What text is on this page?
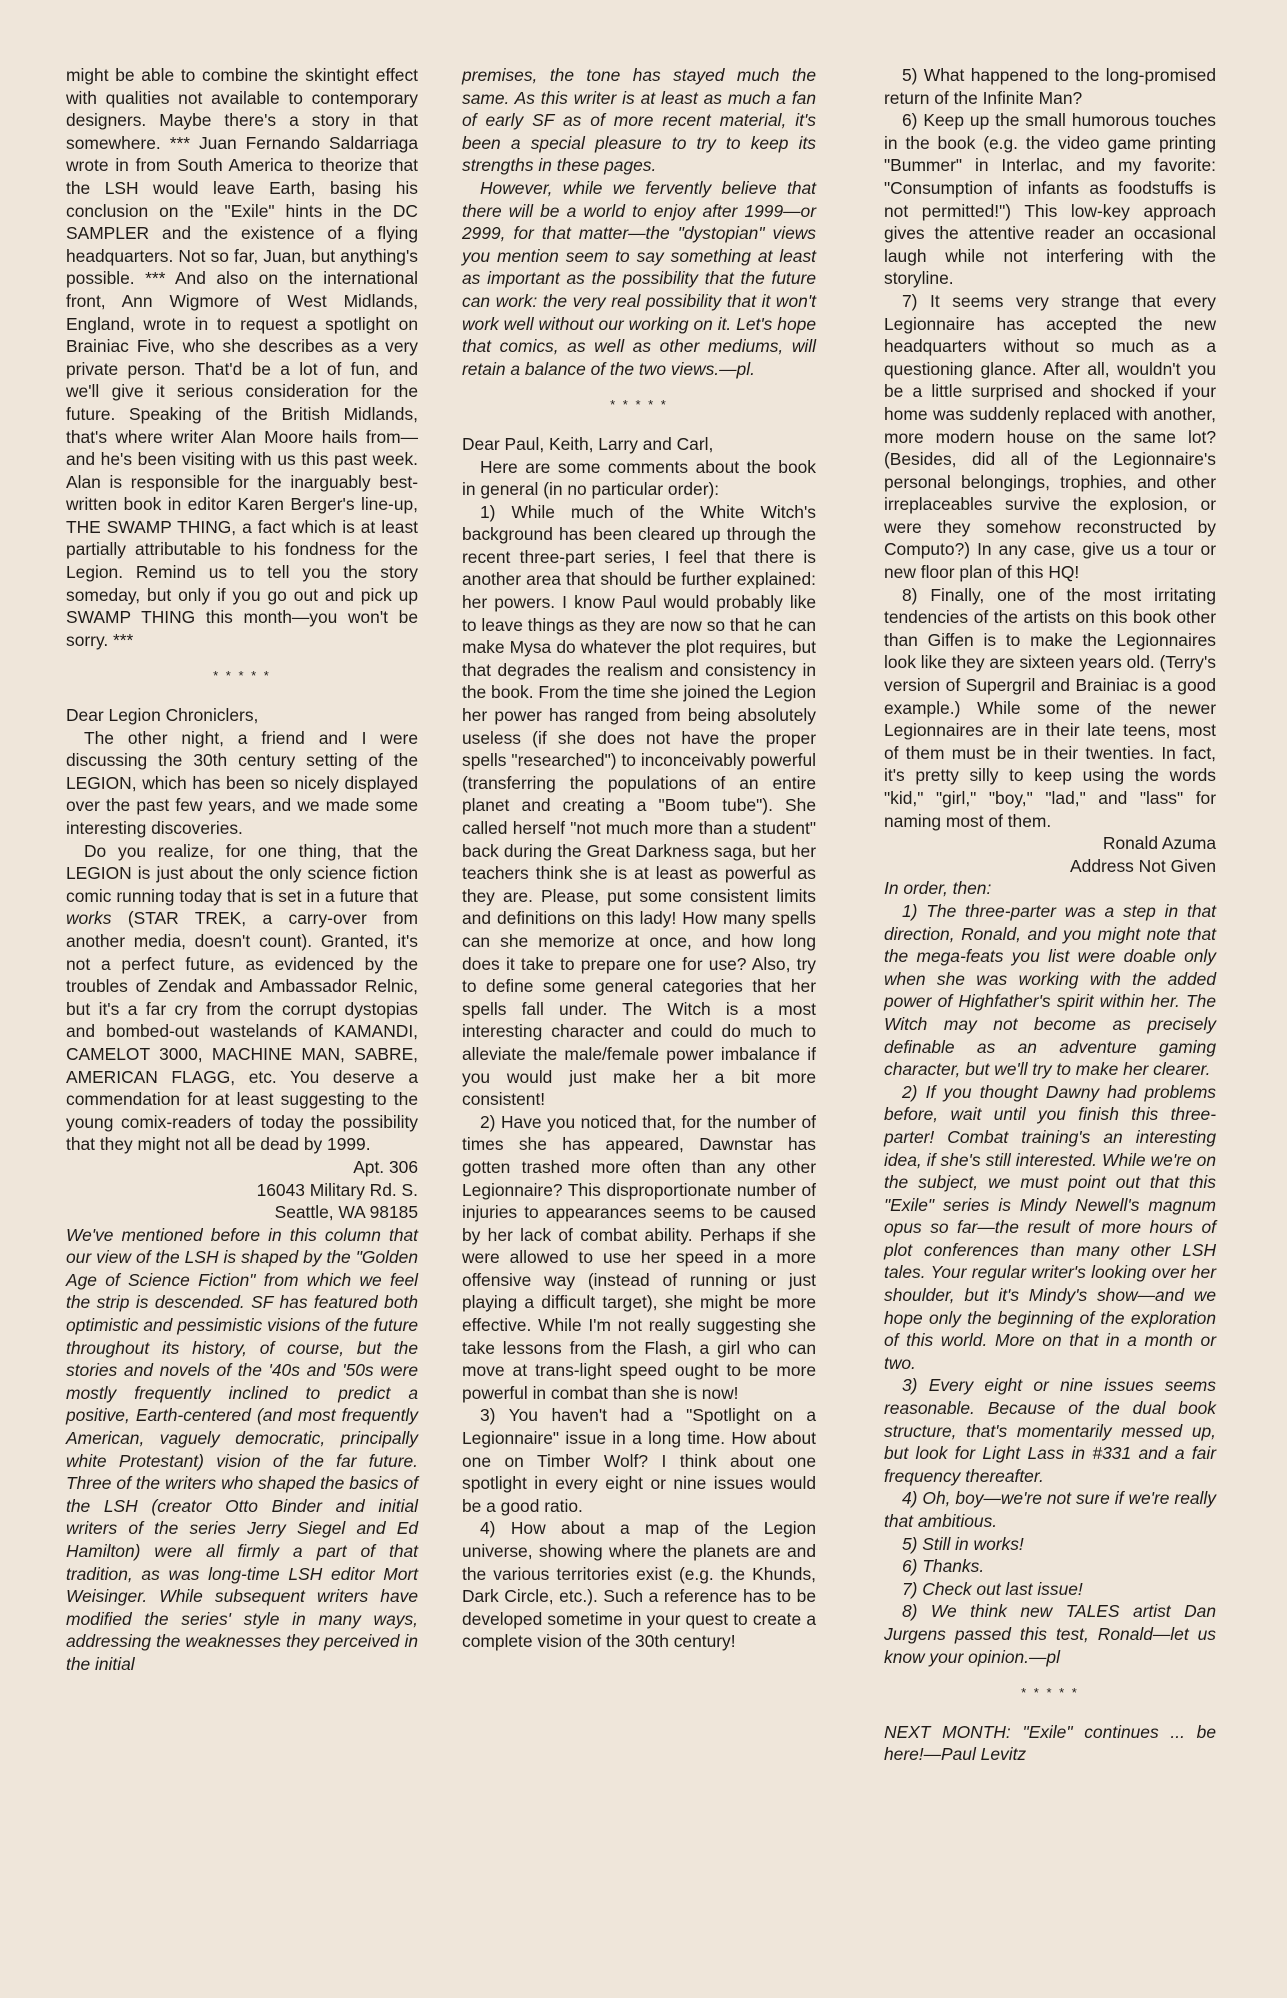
might be able to combine the skintight effect with qualities not available to contemporary designers. Maybe there's a story in that somewhere. *** Juan Fernando Saldarriaga wrote in from South America to theorize that the LSH would leave Earth, basing his conclusion on the "Exile" hints in the DC SAMPLER and the existence of a flying headquarters. Not so far, Juan, but anything's possible. *** And also on the international front, Ann Wigmore of West Midlands, England, wrote in to request a spotlight on Brainiac Five, who she describes as a very private person. That'd be a lot of fun, and we'll give it serious consideration for the future. Speaking of the British Midlands, that's where writer Alan Moore hails from—and he's been visiting with us this past week. Alan is responsible for the inarguably best-written book in editor Karen Berger's line-up, THE SWAMP THING, a fact which is at least partially attributable to his fondness for the Legion. Remind us to tell you the story someday, but only if you go out and pick up SWAMP THING this month—you won't be sorry. ***

* * * * *

Dear Legion Chroniclers,

The other night, a friend and I were discussing the 30th century setting of the LEGION, which has been so nicely displayed over the past few years, and we made some interesting discoveries.

Do you realize, for one thing, that the LEGION is just about the only science fiction comic running today that is set in a future that works (STAR TREK, a carry-over from another media, doesn't count). Granted, it's not a perfect future, as evidenced by the troubles of Zendak and Ambassador Relnic, but it's a far cry from the corrupt dystopias and bombed-out wastelands of KAMANDI, CAMELOT 3000, MACHINE MAN, SABRE, AMERICAN FLAGG, etc. You deserve a commendation for at least suggesting to the young comix-readers of today the possibility that they might not all be dead by 1999.

Apt. 306

16043 Military Rd. S.

Seattle, WA 98185

We've mentioned before in this column that our view of the LSH is shaped by the "Golden Age of Science Fiction" from which we feel the strip is descended. SF has featured both optimistic and pessimistic visions of the future throughout its history, of course, but the stories and novels of the '40s and '50s were mostly frequently inclined to predict a positive, Earth-centered (and most frequently American, vaguely democratic, principally white Protestant) vision of the far future. Three of the writers who shaped the basics of the LSH (creator Otto Binder and initial writers of the series Jerry Siegel and Ed Hamilton) were all firmly a part of that tradition, as was long-time LSH editor Mort Weisinger. While subsequent writers have modified the series' style in many ways, addressing the weaknesses they perceived in the initial

premises, the tone has stayed much the same. As this writer is at least as much a fan of early SF as of more recent material, it's been a special pleasure to try to keep its strengths in these pages.

However, while we fervently believe that there will be a world to enjoy after 1999—or 2999, for that matter—the "dystopian" views you mention seem to say something at least as important as the possibility that the future can work: the very real possibility that it won't work well without our working on it. Let's hope that comics, as well as other mediums, will retain a balance of the two views.—pl.

* * * * *

Dear Paul, Keith, Larry and Carl,

Here are some comments about the book in general (in no particular order):

1) While much of the White Witch's background has been cleared up through the recent three-part series, I feel that there is another area that should be further explained: her powers. I know Paul would probably like to leave things as they are now so that he can make Mysa do whatever the plot requires, but that degrades the realism and consistency in the book. From the time she joined the Legion her power has ranged from being absolutely useless (if she does not have the proper spells "researched") to inconceivably powerful (transferring the populations of an entire planet and creating a "Boom tube"). She called herself "not much more than a student" back during the Great Darkness saga, but her teachers think she is at least as powerful as they are. Please, put some consistent limits and definitions on this lady! How many spells can she memorize at once, and how long does it take to prepare one for use? Also, try to define some general categories that her spells fall under. The Witch is a most interesting character and could do much to alleviate the male/female power imbalance if you would just make her a bit more consistent!

2) Have you noticed that, for the number of times she has appeared, Dawnstar has gotten trashed more often than any other Legionnaire? This disproportionate number of injuries to appearances seems to be caused by her lack of combat ability. Perhaps if she were allowed to use her speed in a more offensive way (instead of running or just playing a difficult target), she might be more effective. While I'm not really suggesting she take lessons from the Flash, a girl who can move at trans-light speed ought to be more powerful in combat than she is now!

3) You haven't had a "Spotlight on a Legionnaire" issue in a long time. How about one on Timber Wolf? I think about one spotlight in every eight or nine issues would be a good ratio.

4) How about a map of the Legion universe, showing where the planets are and the various territories exist (e.g. the Khunds, Dark Circle, etc.). Such a reference has to be developed sometime in your quest to create a complete vision of the 30th century!

5) What happened to the long-promised return of the Infinite Man?

6) Keep up the small humorous touches in the book (e.g. the video game printing "Bummer" in Interlac, and my favorite: "Consumption of infants as foodstuffs is not permitted!") This low-key approach gives the attentive reader an occasional laugh while not interfering with the storyline.

7) It seems very strange that every Legionnaire has accepted the new headquarters without so much as a questioning glance. After all, wouldn't you be a little surprised and shocked if your home was suddenly replaced with another, more modern house on the same lot? (Besides, did all of the Legionnaire's personal belongings, trophies, and other irreplaceables survive the explosion, or were they somehow reconstructed by Computo?) In any case, give us a tour or new floor plan of this HQ!

8) Finally, one of the most irritating tendencies of the artists on this book other than Giffen is to make the Legionnaires look like they are sixteen years old. (Terry's version of Supergril and Brainiac is a good example.) While some of the newer Legionnaires are in their late teens, most of them must be in their twenties. In fact, it's pretty silly to keep using the words "kid," "girl," "boy," "lad," and "lass" for naming most of them.

Ronald Azuma

Address Not Given

In order, then:

1) The three-parter was a step in that direction, Ronald, and you might note that the mega-feats you list were doable only when she was working with the added power of Highfather's spirit within her. The Witch may not become as precisely definable as an adventure gaming character, but we'll try to make her clearer.

2) If you thought Dawny had problems before, wait until you finish this three-parter! Combat training's an interesting idea, if she's still interested. While we're on the subject, we must point out that this "Exile" series is Mindy Newell's magnum opus so far—the result of more hours of plot conferences than many other LSH tales. Your regular writer's looking over her shoulder, but it's Mindy's show—and we hope only the beginning of the exploration of this world. More on that in a month or two.

3) Every eight or nine issues seems reasonable. Because of the dual book structure, that's momentarily messed up, but look for Light Lass in #331 and a fair frequency thereafter.

4) Oh, boy—we're not sure if we're really that ambitious.

5) Still in works!

6) Thanks.

7) Check out last issue!

8) We think new TALES artist Dan Jurgens passed this test, Ronald—let us know your opinion.—pl

* * * * *

NEXT MONTH: "Exile" continues ... be here!—Paul Levitz
